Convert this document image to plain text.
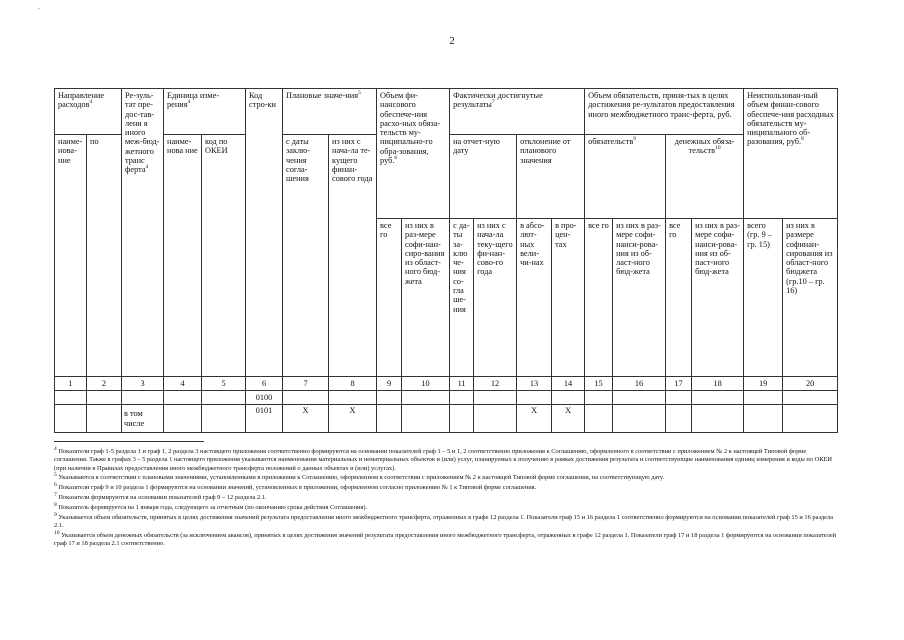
"
2
Направление расходов$^4$		Ре-зуль-тат пре-дос-тав-лени я иного меж-бюд-жетного транс ферта$^4$	Единица изме-рения$^4$		Код стро-ки	Плановые значе-ния$^5$		Объем фи-нансового обеспече-ния расхо-ных обяза-тельств му-ниципально-го обра-зования, руб.$^6$		Фактически достигнутые результаты$^7$				Объем обязательств, приня-тых в целях достижения ре-зультатов предоставления иного межбюджетного транс-ферта, руб.				Неиспользован-ный объем финан-сового обеспече-ния расходных обязательств му-ниципального об-разования, руб.$^8$
наиме-нова-ние	по		наиме-нова ние	код по ОКЕИ		с даты заклю-чения согла-шения	из них с нача-ла те-кущего финан-сового года			на отчет-ную дату		отклонение от планового значения		обязательств$^9$		денежных обяза-тельств$^{10}$
								все го	из них в раз-мере софи-нан-сиро-вания из област-ного бюд-жета	с да-ты за-клю че-ния со-гла ше-ния	из них с нача-ла теку-щего фи-нан-сово-го года	в абсо-лют-ных вели-чи-нах	в про-цен-тах	все го	из них в раз-мере софи-нанси-рова-ния из об-ласт-ного бюд-жета	все го	из них в раз-мере софи-нанси-рова-ния из об-паст-ного бюд-жета	всего (гр. 9 – гр. 15)	из них в размере софинан-сирования из област-ного бюджета (гр.10 – гр. 16)
1	2	3	4	5	6	7	8	9	10	11	12	13	14	15	16	17	18	19	20
					0100														
		в том числе			0101	X	X					X	X						

$^4$ Показатели граф 1-5 раздела 1 и граф 1, 2 раздела 3 настоящего приложения соответственно формируются на основании показателей граф 1 – 5 и 1, 2 соответственно приложения к Соглашению, оформленного в соответствии с приложением № 2 к настоящей Типовой форме соглашения. Также в графах 3 – 5 раздела 1 настоящего приложения указываются наименования материальных и нематериальных объектов и (или) услуг, планируемых к получению в рамках достижения результата и соответствующие наименования единиц измерения и коды по ОКЕИ (при наличии в Правилах предоставления иного межбюджетного трансферта положений о данных объектах и (или) услугах).

$^5$ Указываются в соответствии с плановыми значениями, установленными в приложении к Соглашению, оформленном в соответствии с приложением № 2 к настоящей Типовой форме соглашения, на соответствующую дату.

$^6$ Показатели граф 9 и 10 раздела 1 формируются на основании значений, установленных в приложении, оформленном согласно приложению № 1 к Типовой форме соглашения.

$^7$ Показатели формируются на основании показателей граф 9 – 12 раздела 2.1.

$^8$ Показатель формируется на 1 января года, следующего за отчетным (по окончанию срока действия Соглашения).

$^9$ Указывается объем обязательств, принятых в целях достижения значений результата предоставления иного межбюджетного трансферта, отраженных в графе 12 раздела 1. Показатели граф 15 и 16 раздела 1 соответственно формируются на основании показателей граф 15 и 16 раздела 2.1.

$^{10}$ Указывается объем денежных обязательств (за исключением авансов), принятых в целях достижения значений результата предоставления иного межбюджетного трансферта, отраженных в графе 12 раздела 1. Показатели граф 17 и 18 раздела 1 формируются на основании показателей граф 17 и 18 раздела 2.1 соответственно.
